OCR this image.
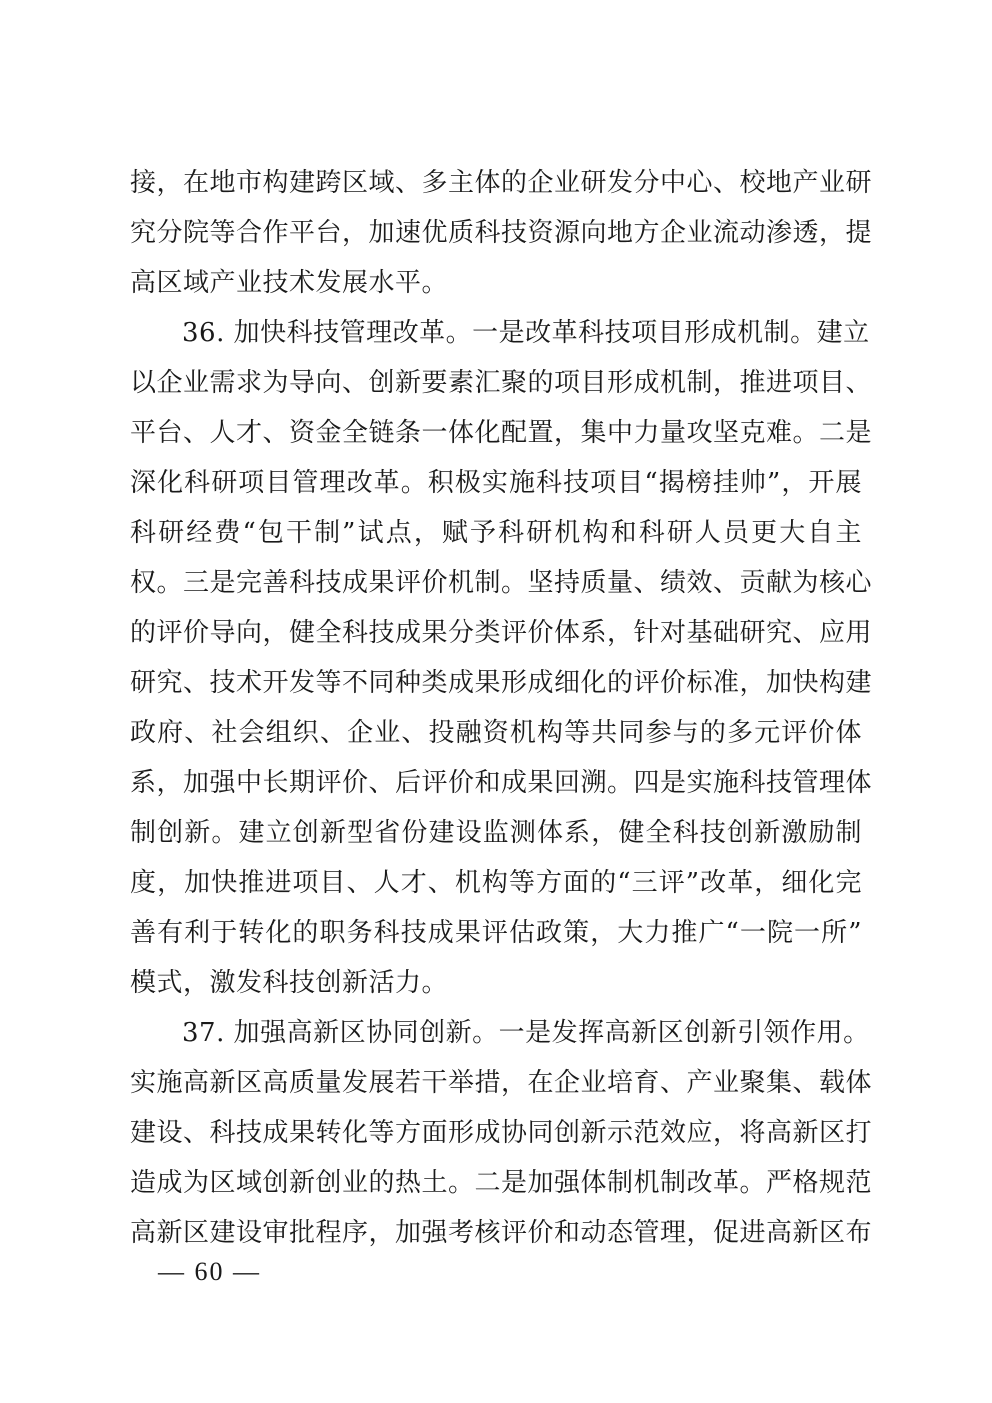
接，在地市构建跨区域、多主体的企业研发分中心、校地产业研
究分院等合作平台，加速优质科技资源向地方企业流动渗透，提
高区域产业技术发展水平。
36. 加快科技管理改革。一是改革科技项目形成机制。建立
以企业需求为导向、创新要素汇聚的项目形成机制，推进项目、
平台、人才、资金全链条一体化配置，集中力量攻坚克难。二是
深化科研项目管理改革。积极实施科技项目“揭榜挂帅”，开展
科研经费“包干制”试点，赋予科研机构和科研人员更大自主
权。三是完善科技成果评价机制。坚持质量、绩效、贡献为核心
的评价导向，健全科技成果分类评价体系，针对基础研究、应用
研究、技术开发等不同种类成果形成细化的评价标准，加快构建
政府、社会组织、企业、投融资机构等共同参与的多元评价体
系，加强中长期评价、后评价和成果回溯。四是实施科技管理体
制创新。建立创新型省份建设监测体系，健全科技创新激励制
度，加快推进项目、人才、机构等方面的“三评”改革，细化完
善有利于转化的职务科技成果评估政策，大力推广“一院一所”
模式，激发科技创新活力。
37. 加强高新区协同创新。一是发挥高新区创新引领作用。
实施高新区高质量发展若干举措，在企业培育、产业聚集、载体
建设、科技成果转化等方面形成协同创新示范效应，将高新区打
造成为区域创新创业的热土。二是加强体制机制改革。严格规范
高新区建设审批程序，加强考核评价和动态管理，促进高新区布
— 60 —
